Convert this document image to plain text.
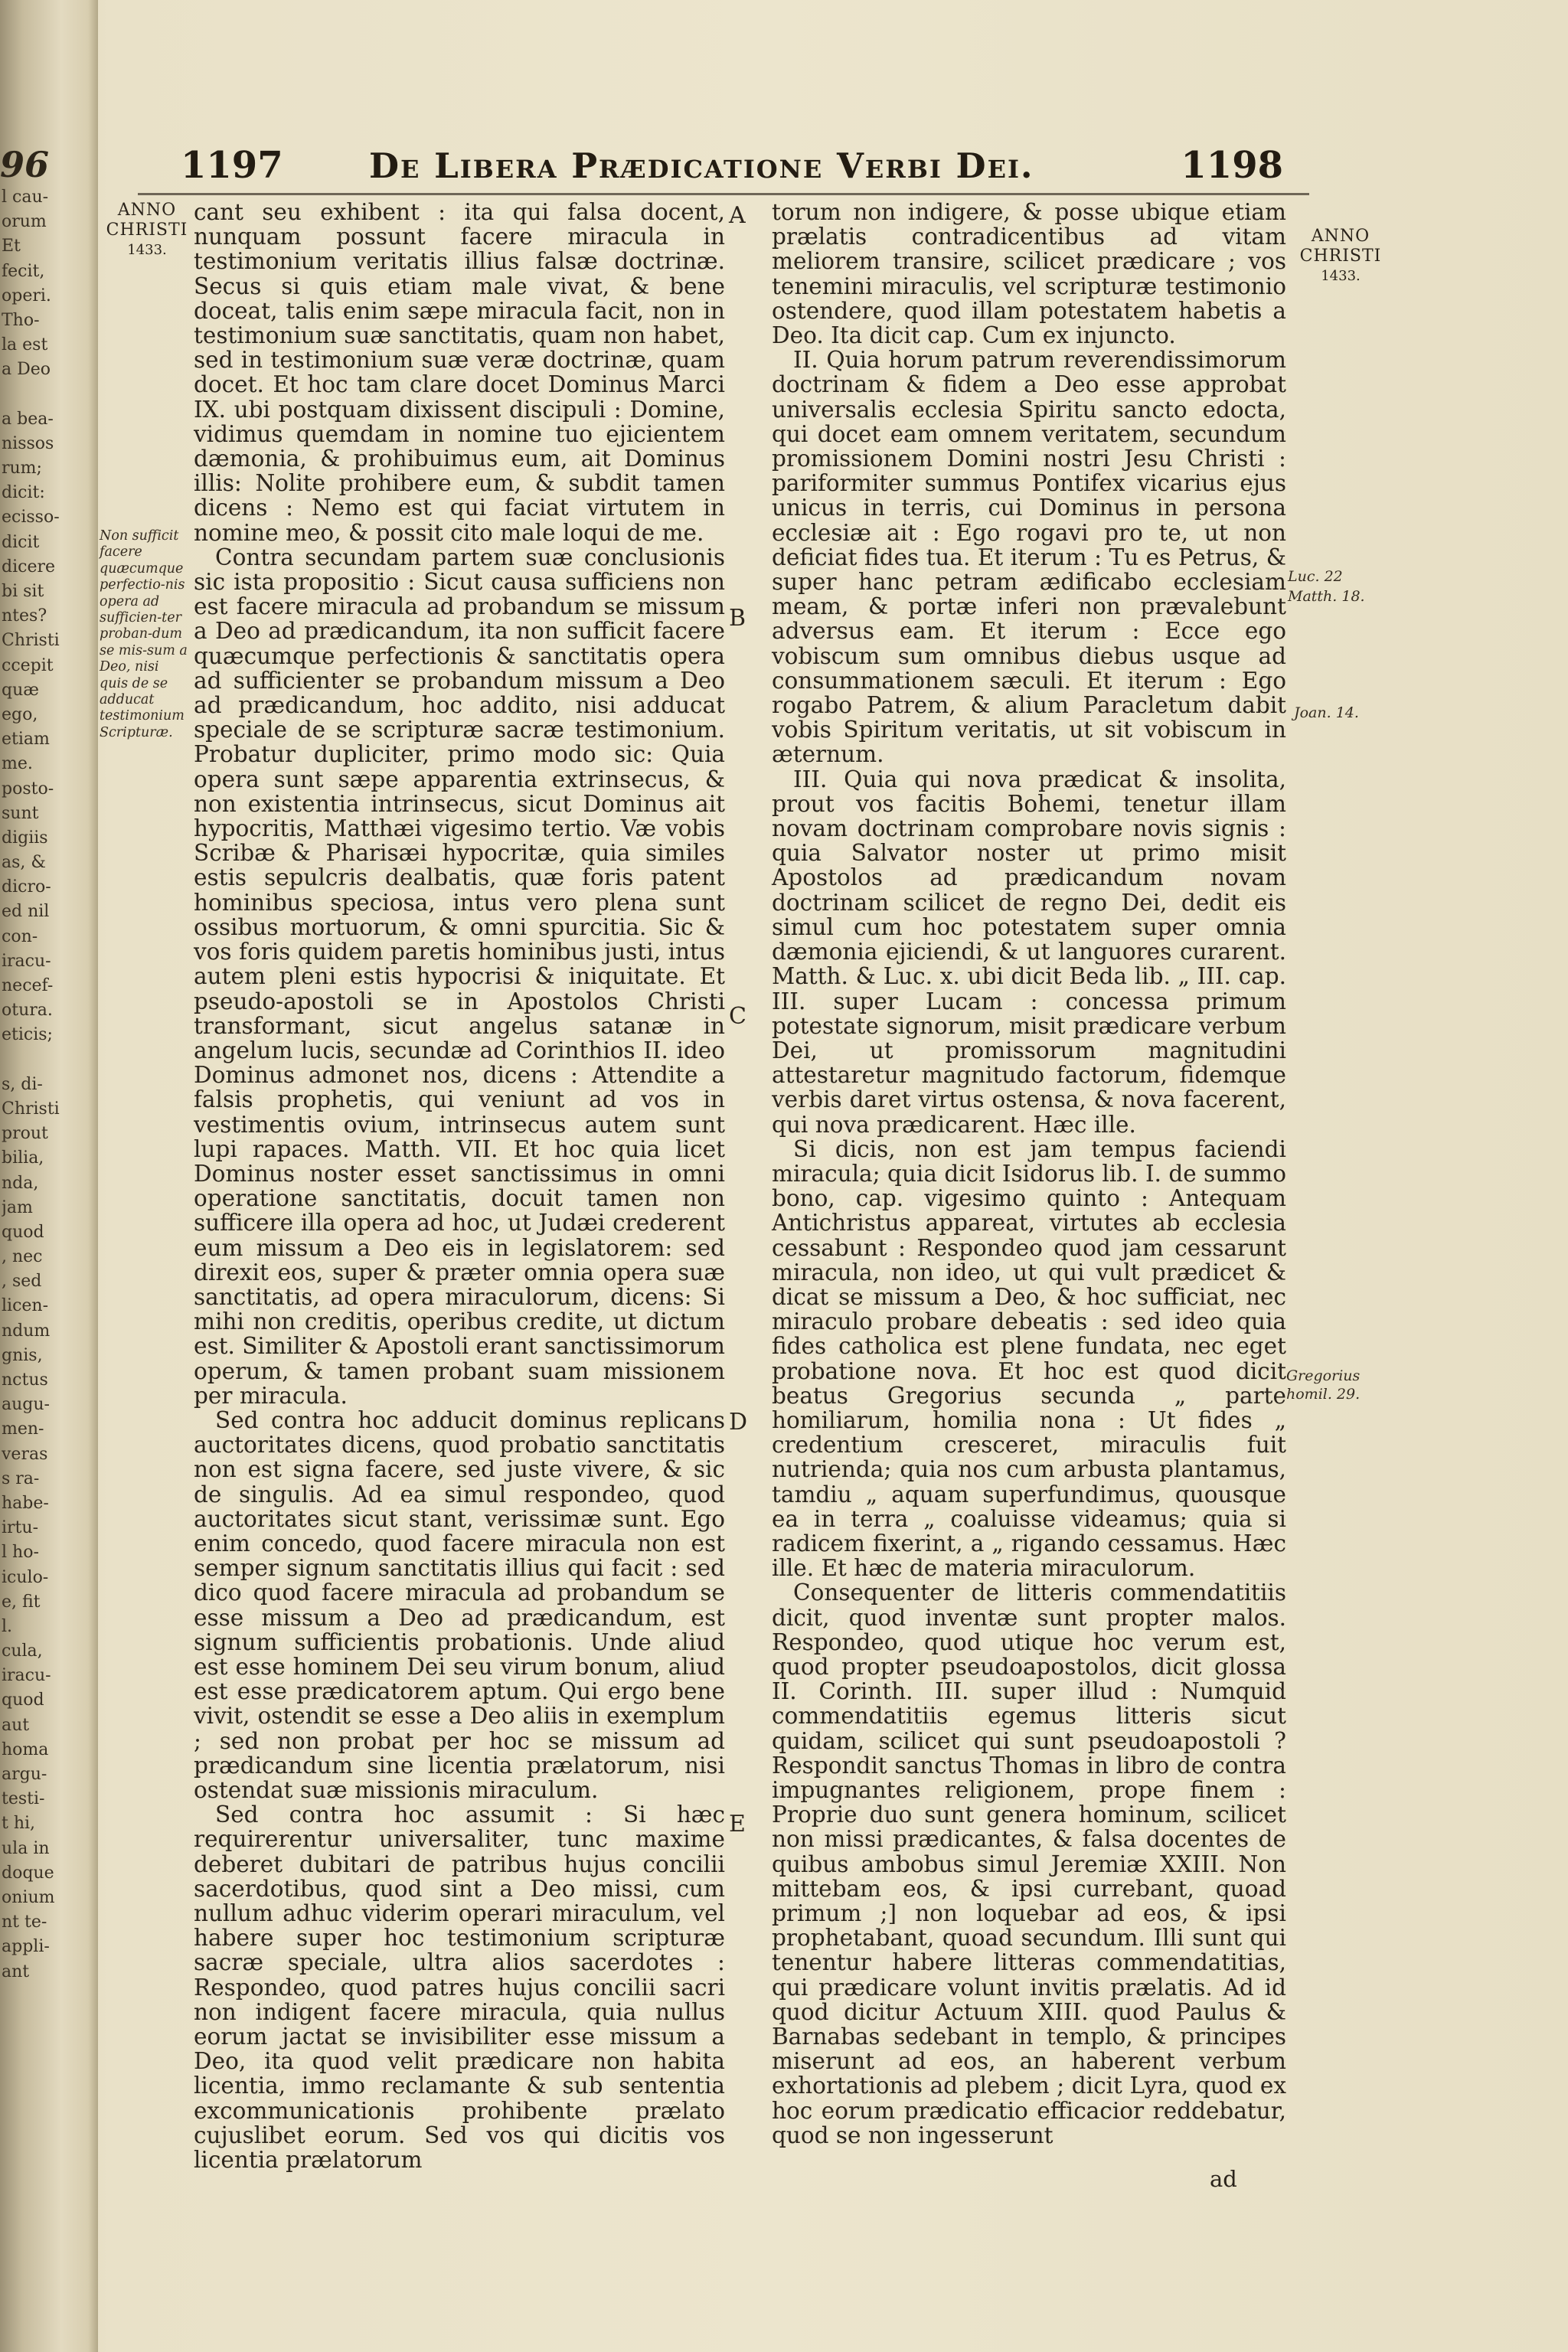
96
l cau-
orum
Et
fecit,
operi.
Tho-
la est
a Deo
a bea-
nissos
rum;
dicit:
ecisso-
dicit
dicere
bi sit
ntes?
Christi
ccepit
quæ
ego,
etiam
me.
posto-
sunt
digiis
as, &
dicro-
ed nil
con-
iracu-
necef-
otura.
eticis;
s, di-
Christi
prout
bilia,
nda,
jam
quod
, nec
, sed
licen-
ndum
gnis,
nctus
augu-
men-
veras
s ra-
habe-
irtu-
l ho-
iculo-
e, fit
l.
cula,
iracu-
quod
aut
homa
argu-
testi-
t hi,
ula in
doque
onium
nt te-
appli-
ant
1197 De Libera Prædicatione Verbi Dei.	1198
ANNO
CHRISTI
1433.
ANNO
CHRISTI
1433.
Non sufficit facere quæcumque perfectio-nis opera ad sufficien-ter proban-dum se mis-sum a Deo, nisi quis de se adducat testimonium Scripturæ.

cant seu exhibent : ita qui falsa docent, nunquam possunt facere miracula in testimonium veritatis illius falsæ doctrinæ. Secus si quis etiam male vivat, & bene doceat, talis enim sæpe miracula facit, non in testimonium suæ sanctitatis, quam non habet, sed in testimonium suæ veræ doctrinæ, quam docet. Et hoc tam clare docet Dominus Marci IX. ubi postquam dixissent discipuli : Domine, vidimus quemdam in nomine tuo ejicientem dæmonia, & prohibuimus eum, ait Dominus illis: Nolite prohibere eum, & subdit tamen dicens : Nemo est qui faciat virtutem in nomine meo, & possit cito male loqui de me.

Contra secundam partem suæ conclusionis sic ista propositio : Sicut causa sufficiens non est facere miracula ad probandum se missum a Deo ad prædicandum, ita non sufficit facere quæcumque perfectionis & sanctitatis opera ad sufficienter se probandum missum a Deo ad prædicandum, hoc addito, nisi adducat speciale de se scripturæ sacræ testimonium. Probatur dupliciter, primo modo sic: Quia opera sunt sæpe apparentia extrinsecus, & non existentia intrinsecus, sicut Dominus ait hypocritis, Matthæi vigesimo tertio. Væ vobis Scribæ & Pharisæi hypocritæ, quia similes estis sepulcris dealbatis, quæ foris patent hominibus speciosa, intus vero plena sunt ossibus mortuorum, & omni spurcitia. Sic & vos foris quidem paretis hominibus justi, intus autem pleni estis hypocrisi & iniquitate. Et pseudo-apostoli se in Apostolos Christi transformant, sicut angelus satanæ in angelum lucis, secundæ ad Corinthios II. ideo Dominus admonet nos, dicens : Attendite a falsis prophetis, qui veniunt ad vos in vestimentis ovium, intrinsecus autem sunt lupi rapaces. Matth. VII. Et hoc quia licet Dominus noster esset sanctissimus in omni operatione sanctitatis, docuit tamen non sufficere illa opera ad hoc, ut Judæi crederent eum missum a Deo eis in legislatorem: sed direxit eos, super & præter omnia opera suæ sanctitatis, ad opera miraculorum, dicens: Si mihi non creditis, operibus credite, ut dictum est. Similiter & Apostoli erant sanctissimorum operum, & tamen probant suam missionem per miracula.

Sed contra hoc adducit dominus replicans auctoritates dicens, quod probatio sanctitatis non est signa facere, sed juste vivere, & sic de singulis. Ad ea simul respondeo, quod auctoritates sicut stant, verissimæ sunt. Ego enim concedo, quod facere miracula non est semper signum sanctitatis illius qui facit : sed dico quod facere miracula ad probandum se esse missum a Deo ad prædicandum, est signum sufficientis probationis. Unde aliud est esse hominem Dei seu virum bonum, aliud est esse prædicatorem aptum. Qui ergo bene vivit, ostendit se esse a Deo aliis in exemplum ; sed non probat per hoc se missum ad prædicandum sine licentia prælatorum, nisi ostendat suæ missionis miraculum.

Sed contra hoc assumit : Si hæc requirerentur universaliter, tunc maxime deberet dubitari de patribus hujus concilii sacerdotibus, quod sint a Deo missi, cum nullum adhuc viderim operari miraculum, vel habere super hoc testimonium scripturæ sacræ speciale, ultra alios sacerdotes : Respondeo, quod patres hujus concilii sacri non indigent facere miracula, quia nullus eorum jactat se invisibiliter esse missum a Deo, ita quod velit prædicare non habita licentia, immo reclamante & sub sententia excommunicationis prohibente prælato cujuslibet eorum. Sed vos qui dicitis vos licentia prælatorum

A
B
C
D
E

torum non indigere, & posse ubique etiam prælatis contradicentibus ad vitam meliorem transire, scilicet prædicare ; vos tenemini miraculis, vel scripturæ testimonio ostendere, quod illam potestatem habetis a Deo. Ita dicit cap. Cum ex injuncto.

II. Quia horum patrum reverendissimorum doctrinam & fidem a Deo esse approbat universalis ecclesia Spiritu sancto edocta, qui docet eam omnem veritatem, secundum promissionem Domini nostri Jesu Christi : pariformiter summus Pontifex vicarius ejus unicus in terris, cui Dominus in persona ecclesiæ ait : Ego rogavi pro te, ut non deficiat fides tua. Et iterum : Tu es Petrus, & super hanc petram ædificabo ecclesiam meam, & portæ inferi non prævalebunt adversus eam. Et iterum : Ecce ego vobiscum sum omnibus diebus usque ad consummationem sæculi. Et iterum : Ego rogabo Patrem, & alium Paracletum dabit vobis Spiritum veritatis, ut sit vobiscum in æternum.

III. Quia qui nova prædicat & insolita, prout vos facitis Bohemi, tenetur illam novam doctrinam comprobare novis signis : quia Salvator noster ut primo misit Apostolos ad prædicandum novam doctrinam scilicet de regno Dei, dedit eis simul cum hoc potestatem super omnia dæmonia ejiciendi, & ut languores curarent. Matth. & Luc. x. ubi dicit Beda lib. „ III. cap. III. super Lucam : concessa primum potestate signorum, misit prædicare verbum Dei, ut promissorum magnitudini attestaretur magnitudo factorum, fidemque verbis daret virtus ostensa, & nova facerent, qui nova prædicarent. Hæc ille.

Si dicis, non est jam tempus faciendi miracula; quia dicit Isidorus lib. I. de summo bono, cap. vigesimo quinto : Antequam Antichristus appareat, virtutes ab ecclesia cessabunt : Respondeo quod jam cessarunt miracula, non ideo, ut qui vult prædicet & dicat se missum a Deo, & hoc sufficiat, nec miraculo probare debeatis : sed ideo quia fides catholica est plene fundata, nec eget probatione nova. Et hoc est quod dicit beatus Gregorius secunda „ parte homiliarum, homilia nona : Ut fides „ credentium cresceret, miraculis fuit nutrienda; quia nos cum arbusta plantamus, tamdiu „ aquam superfundimus, quousque ea in terra „ coaluisse videamus; quia si radicem fixerint, a „ rigando cessamus. Hæc ille. Et hæc de materia miraculorum.

Consequenter de litteris commendatitiis dicit, quod inventæ sunt propter malos. Respondeo, quod utique hoc verum est, quod propter pseudoapostolos, dicit glossa II. Corinth. III. super illud : Numquid commendatitiis egemus litteris sicut quidam, scilicet qui sunt pseudoapostoli ? Respondit sanctus Thomas in libro de contra impugnantes religionem, prope finem : Proprie duo sunt genera hominum, scilicet non missi prædicantes, & falsa docentes de quibus ambobus simul Jeremiæ XXIII. Non mittebam eos, & ipsi currebant, quoad primum ;] non loquebar ad eos, & ipsi prophetabant, quoad secundum. Illi sunt qui tenentur habere litteras commendatitias, qui prædicare volunt invitis prælatis. Ad id quod dicitur Actuum XIII. quod Paulus & Barnabas sedebant in templo, & principes miserunt ad eos, an haberent verbum exhortationis ad plebem ; dicit Lyra, quod ex hoc eorum prædicatio efficacior reddebatur, quod se non ingesserunt

Luc. 22
Matth. 18.
Joan. 14.
Gregorius
homil. 29.
ad
